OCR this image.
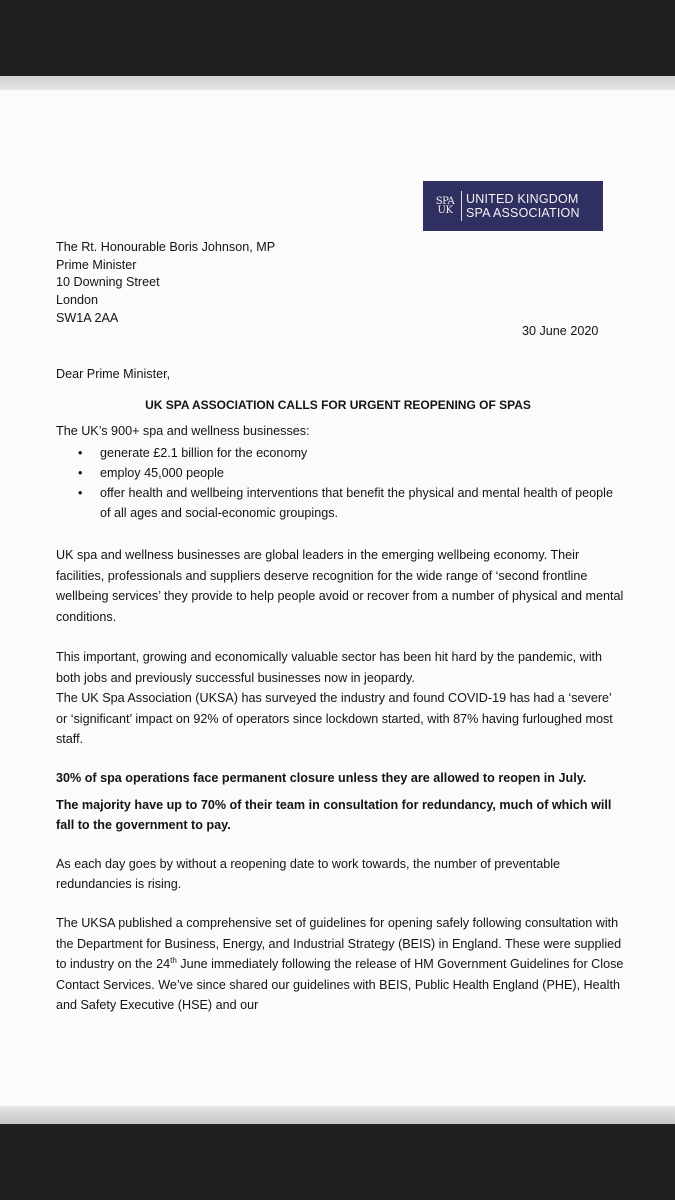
SPA UK
UNITED KINGDOM
SPA ASSOCIATION
The Rt. Honourable Boris Johnson, MP
Prime Minister
10 Downing Street
London
SW1A 2AA
30 June 2020
Dear Prime Minister,
UK SPA ASSOCIATION CALLS FOR URGENT REOPENING OF SPAS
The UK’s 900+ spa and wellness businesses:
• generate £2.1 billion for the economy
• employ 45,000 people
• offer health and wellbeing interventions that benefit the physical and mental health of people of all ages and social-economic groupings.
UK spa and wellness businesses are global leaders in the emerging wellbeing economy. Their facilities, professionals and suppliers deserve recognition for the wide range of ‘second frontline wellbeing services’ they provide to help people avoid or recover from a number of physical and mental conditions.
This important, growing and economically valuable sector has been hit hard by the pandemic, with both jobs and previously successful businesses now in jeopardy.
The UK Spa Association (UKSA) has surveyed the industry and found COVID-19 has had a ‘severe’ or ‘significant’ impact on 92% of operators since lockdown started, with 87% having furloughed most staff.
30% of spa operations face permanent closure unless they are allowed to reopen in July.
The majority have up to 70% of their team in consultation for redundancy, much of which will fall to the government to pay.
As each day goes by without a reopening date to work towards, the number of preventable redundancies is rising.
The UKSA published a comprehensive set of guidelines for opening safely following consultation with the Department for Business, Energy, and Industrial Strategy (BEIS) in England. These were supplied to industry on the 24th June immediately following the release of HM Government Guidelines for Close Contact Services. We’ve since shared our guidelines with BEIS, Public Health England (PHE), Health and Safety Executive (HSE) and our
